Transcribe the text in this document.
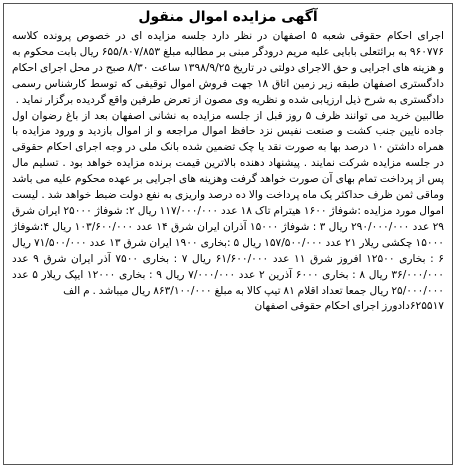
آگهی مزایده اموال منقول

اجرای احکام حقوقی شعبه ۵ اصفهان در نظر دارد جلسه مزایده ای در خصوص پرونده کلاسه ۹۶۰۷۷۶ به برائتعلی بابایی علیه مریم درودگر مبنی بر مطالبه مبلغ ۶۵۵/۸۰۷/۸۵۳ ریال بابت محکوم به و هزینه های اجرایی و حق الاجرای دولتی در تاریخ ۱۳۹۸/۹/۲۵ ساعت ۸/۳۰ صبح در محل اجرای احکام دادگستری اصفهان طبقه زیر زمین اتاق ۱۸ جهت فروش اموال توقیفی که توسط کارشناس رسمی دادگستری به شرح ذیل ارزیابی شده و نظریه وی مصون از تعرض طرفین واقع گردیده برگزار نماید .

طالبین خرید می توانند ظرف ۵ روز قبل از جلسه مزایده به نشانی اصفهان بعد از باغ رضوان اول جاده نایین جنب کشت و صنعت نفیس نزد حافظ اموال مراجعه و از اموال بازدید و ورود مزایده با همراه داشتن ۱۰ درصد بها به صورت نقد یا چک تضمین شده بانک ملی در وجه اجرای احکام حقوقی در جلسه مزایده شرکت نمایند . پیشنهاد دهنده بالاترین قیمت برنده مزایده خواهد بود . تسلیم مال پس از پرداخت تمام بهای آن صورت خواهد گرفت وهزینه های اجرایی بر عهده محکوم علیه می باشد وماقی ثمن ظرف حداکثر یک ماه پرداخت والا ده درصد واریزی به نفع دولت ضبط خواهد شد . لیست اموال مورد مزایده :شوفاژ ۱۶۰۰ هیترام تاک ۱۸ عدد ۱۱۷/۰۰۰/۰۰۰ ریال ۲: شوفاژ ۲۵۰۰۰ ایران شرق ۲۹ عدد ۲۹۰/۰۰۰/۰۰۰ ریال ۳ : شوفاژ ۱۵۰۰۰ آذران ایران شرق ۱۴ عدد ۱۰۳/۶۰۰/۰۰۰ ریال ۴:شوفاژ ۱۵۰۰۰ چکشی ریلار ۲۱ عدد ۱۵۷/۵۰۰/۰۰۰ ریال ۵ :بخاری ۱۹۰۰ ایران شرق ۱۳ عدد ۷۱/۵۰۰/۰۰۰ ریال ۶ : بخاری ۱۲۵۰۰ افروز شرق ۱۱ عدد ۶۱/۶۰۰/۰۰۰ ریال ۷ : بخاری ۷۵۰۰ آذر ایران شرق ۹ عدد ۳۶/۰۰۰/۰۰۰ ریال ۸ : بخاری ۶۰۰۰ آذرین ۲ عدد ۷/۰۰۰/۰۰۰ ریال ۹ : بخاری ۱۲۰۰۰ ایپک ریلار ۵ عدد ۲۵/۰۰۰/۰۰۰ ریال جمعا تعداد اقلام ۸۱ تیپ کالا به مبلغ ۸۶۳/۱۰۰/۰۰۰ ریال میباشد . م الف

۶۲۵۵۱۷دادورز اجرای احکام حقوقی اصفهان
